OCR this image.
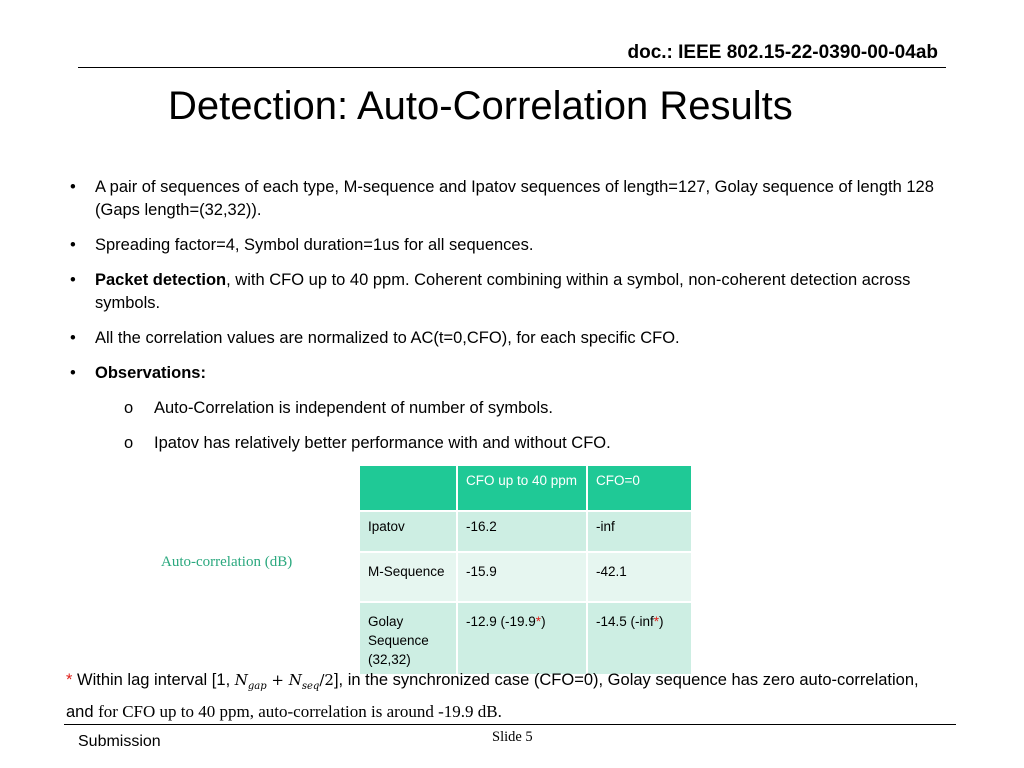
doc.: IEEE 802.15-22-0390-00-04ab
Detection: Auto-Correlation Results
• A pair of sequences of each type, M-sequence and Ipatov sequences of length=127, Golay sequence of length 128 (Gaps length=(32,32)).
• Spreading factor=4, Symbol duration=1us for all sequences.
• Packet detection, with CFO up to 40 ppm. Coherent combining within a symbol, non-coherent detection across symbols.
• All the correlation values are normalized to AC(t=0,CFO), for each specific CFO.
• Observations:
o Auto-Correlation is independent of number of symbols.
o Ipatov has relatively better performance with and without CFO.
Auto-correlation (dB)
	CFO up to 40 ppm	CFO=0
Ipatov	-16.2	-inf
M-Sequence	-15.9	-42.1
Golay Sequence (32,32)	-12.9 (-19.9*)	-14.5 (-inf*)
* Within lag interval [1, $N_{gap} + N_{seq}/2$], in the synchronized case (CFO=0), Golay sequence has zero auto-correlation, and for CFO up to 40 ppm, auto-correlation is around -19.9 dB.
Submission	Slide 5
